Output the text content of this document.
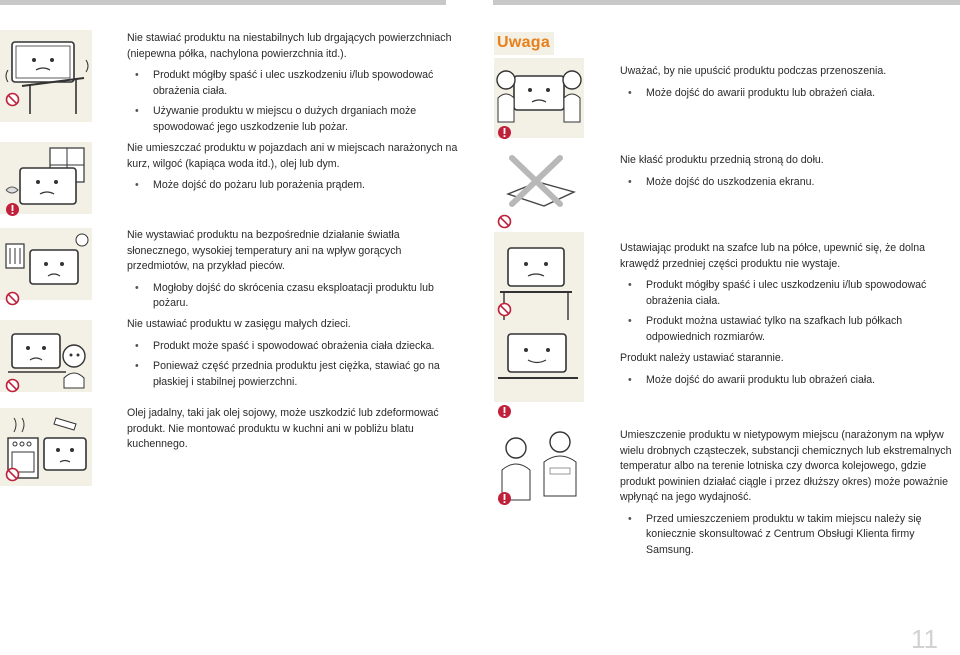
Uwaga

Nie stawiać produktu na niestabilnych lub drgających powierzchniach (niepewna półka, nachylona powierzchnia itd.).

• Produkt mógłby spaść i ulec uszkodzeniu i/lub spowodować obrażenia ciała.
• Używanie produktu w miejscu o dużych drganiach może spowodować jego uszkodzenie lub pożar.

Nie umieszczać produktu w pojazdach ani w miejscach narażonych na kurz, wilgoć (kapiąca woda itd.), olej lub dym.

• Może dojść do pożaru lub porażenia prądem.

Nie wystawiać produktu na bezpośrednie działanie światła słonecznego, wysokiej temperatury ani na wpływ gorących przedmiotów, na przykład pieców.

• Mogłoby dojść do skrócenia czasu eksploatacji produktu lub pożaru.

Nie ustawiać produktu w zasięgu małych dzieci.

• Produkt może spaść i spowodować obrażenia ciała dziecka.
• Ponieważ część przednia produktu jest ciężka, stawiać go na płaskiej i stabilnej powierzchni.

Olej jadalny, taki jak olej sojowy, może uszkodzić lub zdeformować produkt. Nie montować produktu w kuchni ani w pobliżu blatu kuchennego.

Uważać, by nie upuścić produktu podczas przenoszenia.

• Może dojść do awarii produktu lub obrażeń ciała.

Nie kłaść produktu przednią stroną do dołu.

• Może dojść do uszkodzenia ekranu.

Ustawiając produkt na szafce lub na półce, upewnić się, że dolna krawędź przedniej części produktu nie wystaje.

• Produkt mógłby spaść i ulec uszkodzeniu i/lub spowodować obrażenia ciała.
• Produkt można ustawiać tylko na szafkach lub półkach odpowiednich rozmiarów.

Produkt należy ustawiać starannie.

• Może dojść do awarii produktu lub obrażeń ciała.

Umieszczenie produktu w nietypowym miejscu (narażonym na wpływ wielu drobnych cząsteczek, substancji chemicznych lub ekstremalnych temperatur albo na terenie lotniska czy dworca kolejowego, gdzie produkt powinien działać ciągle i przez dłuższy okres) może poważnie wpłynąć na jego wydajność.

• Przed umieszczeniem produktu w takim miejscu należy się koniecznie skonsultować z Centrum Obsługi Klienta firmy Samsung.
11
